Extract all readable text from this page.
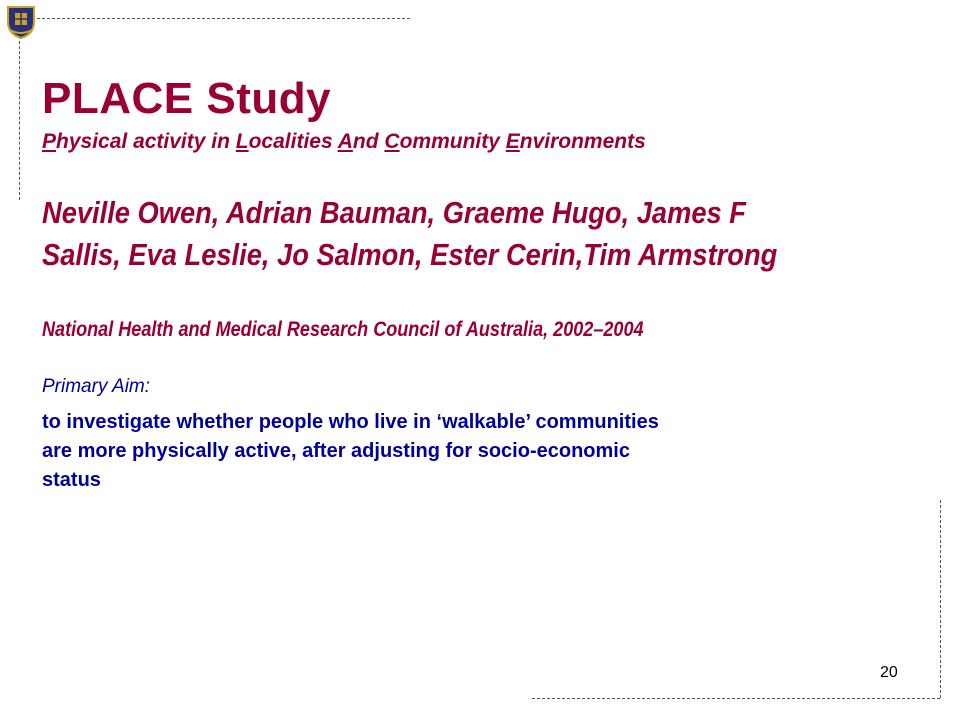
PLACE Study

Physical activity in Localities And Community Environments

Neville Owen, Adrian Bauman, Graeme Hugo, James F
Sallis, Eva Leslie, Jo Salmon, Ester Cerin,Tim Armstrong

National Health and Medical Research Council of Australia, 2002–2004

Primary Aim:

to investigate whether people who live in ‘walkable’ communities
are more physically active, after adjusting for socio-economic
status
20
